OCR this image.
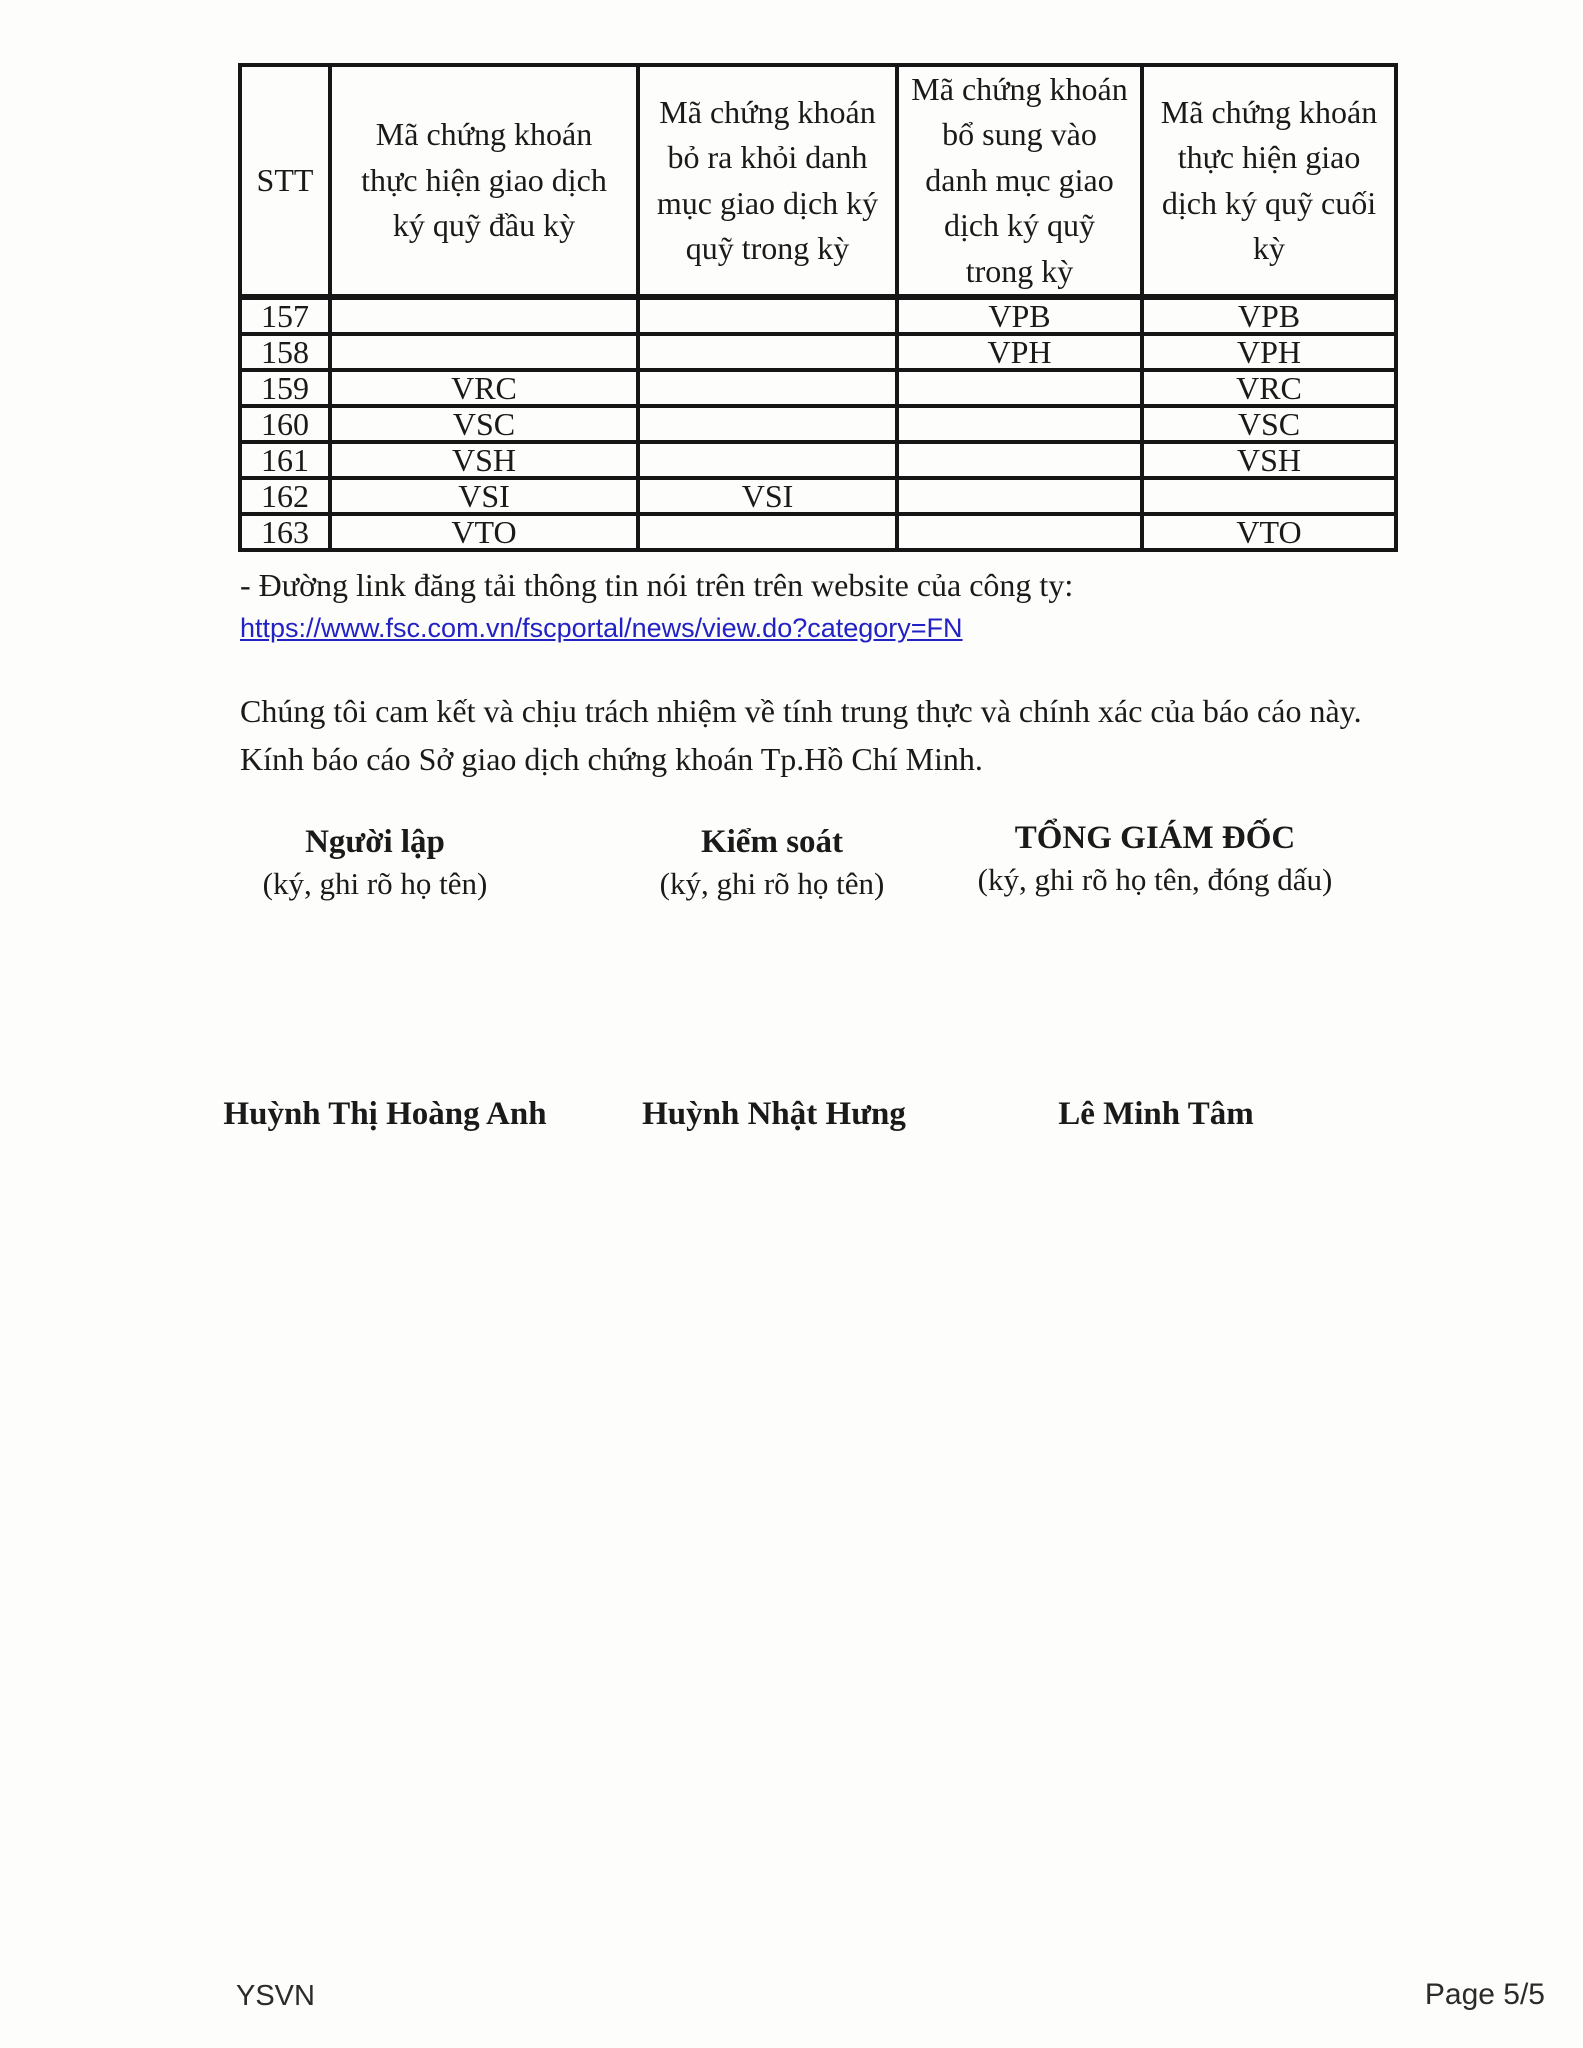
STT	Mã chứng khoán thực hiện giao dịch ký quỹ đầu kỳ	Mã chứng khoán bỏ ra khỏi danh mục giao dịch ký quỹ trong kỳ	Mã chứng khoán bổ sung vào danh mục giao dịch ký quỹ trong kỳ	Mã chứng khoán thực hiện giao dịch ký quỹ cuối kỳ
157			VPB	VPB
158			VPH	VPH
159	VRC			VRC
160	VSC			VSC
161	VSH			VSH
162	VSI	VSI		
163	VTO			VTO
- Đường link đăng tải thông tin nói trên trên website của công ty:
https://www.fsc.com.vn/fscportal/news/view.do?category=FN
Chúng tôi cam kết và chịu trách nhiệm về tính trung thực và chính xác của báo cáo này.
Kính báo cáo Sở giao dịch chứng khoán Tp.Hồ Chí Minh.
Người lập
(ký, ghi rõ họ tên)
Kiểm soát
(ký, ghi rõ họ tên)
TỔNG GIÁM ĐỐC
(ký, ghi rõ họ tên, đóng dấu)
Huỳnh Thị Hoàng Anh	Huỳnh Nhật Hưng	Lê Minh Tâm
YSVN	Page 5/5
